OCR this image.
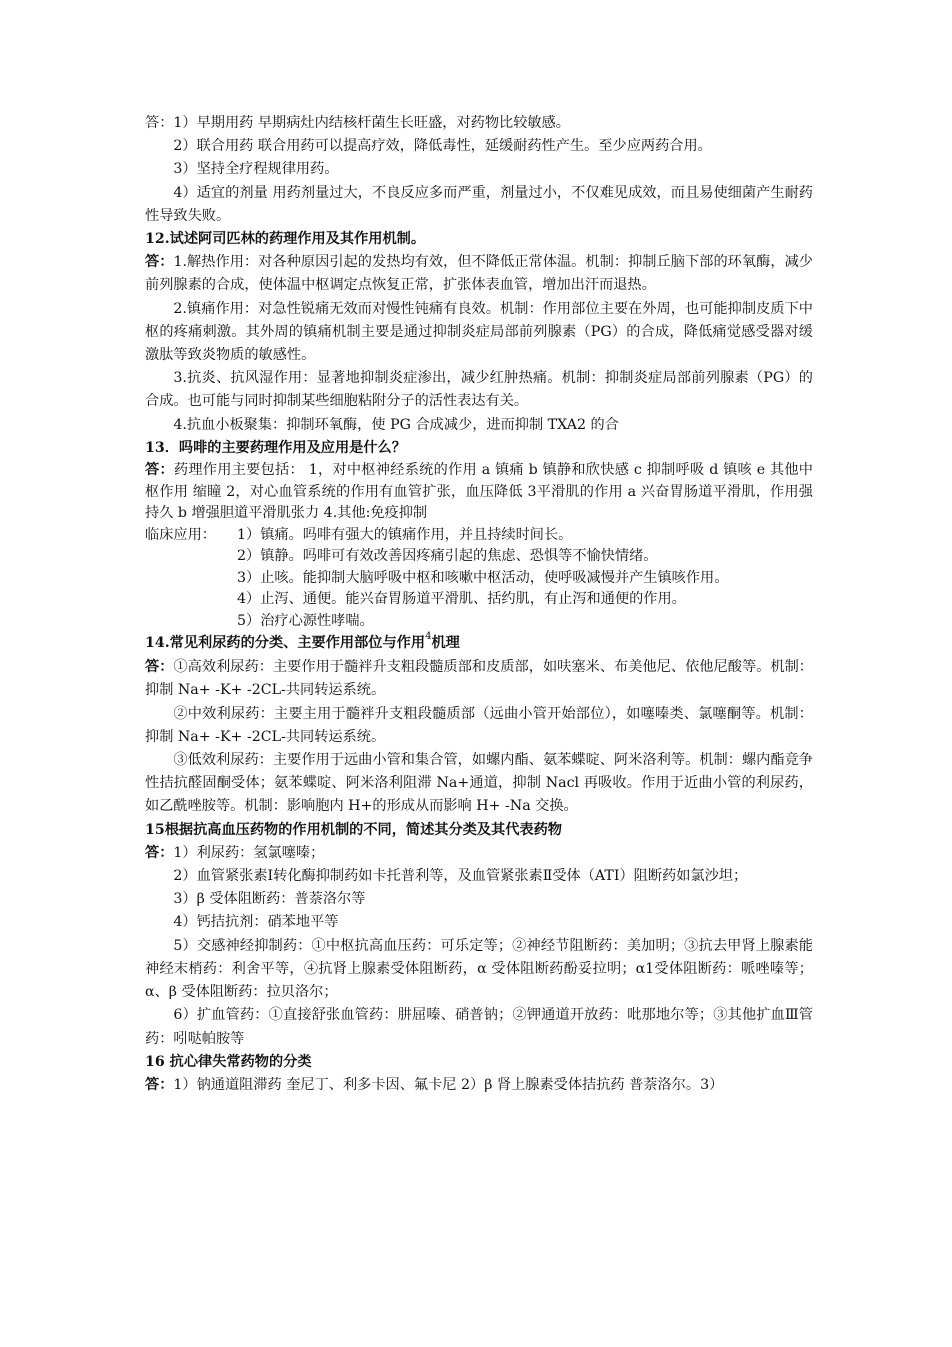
答：1）早期用药 早期病灶内结核杆菌生长旺盛，对药物比较敏感。

2）联合用药 联合用药可以提高疗效，降低毒性，延缓耐药性产生。至少应两药合用。

3）坚持全疗程规律用药。

4）适宜的剂量 用药剂量过大，不良反应多而严重，剂量过小，不仅难见成效，而且易使细菌产生耐药性导致失败。

12.试述阿司匹林的药理作用及其作用机制。

答：1.解热作用：对各种原因引起的发热均有效，但不降低正常体温。机制：抑制丘脑下部的环氧酶，减少前列腺素的合成，使体温中枢调定点恢复正常，扩张体表血管，增加出汗而退热。

2.镇痛作用：对急性锐痛无效而对慢性钝痛有良效。机制：作用部位主要在外周，也可能抑制皮质下中枢的疼痛刺激。其外周的镇痛机制主要是通过抑制炎症局部前列腺素（PG）的合成，降低痛觉感受器对缓激肽等致炎物质的敏感性。

3.抗炎、抗风湿作用：显著地抑制炎症渗出，减少红肿热痛。机制：抑制炎症局部前列腺素（PG）的合成。也可能与同时抑制某些细胞粘附分子的活性表达有关。

4.抗血小板聚集：抑制环氧酶，使 PG 合成减少，进而抑制 TXA2 的合

13．吗啡的主要药理作用及应用是什么？

答：药理作用主要包括： 1，对中枢神经系统的作用 a 镇痛 b 镇静和欣快感 c 抑制呼吸 d 镇咳 e 其他中枢作用 缩瞳 2，对心血管系统的作用有血管扩张，血压降低 3平滑肌的作用 a 兴奋胃肠道平滑肌，作用强持久 b 增强胆道平滑肌张力 4.其他:免疫抑制

临床应用：	1）镇痛。吗啡有强大的镇痛作用，并且持续时间长。

2）镇静。吗啡可有效改善因疼痛引起的焦虑、恐惧等不愉快情绪。

3）止咳。能抑制大脑呼吸中枢和咳嗽中枢活动，使呼吸减慢并产生镇咳作用。

4）止泻、通便。能兴奋胃肠道平滑肌、括约肌，有止泻和通便的作用。

5）治疗心源性哮喘。

14.常见利尿药的分类、主要作用部位与作用$^4$机理

答：①高效利尿药：主要作用于髓袢升支粗段髓质部和皮质部，如呋塞米、布美他尼、依他尼酸等。机制：抑制 Na+ -K+ -2CL-共同转运系统。

②中效利尿药：主要主用于髓袢升支粗段髓质部（远曲小管开始部位），如噻嗪类、氯噻酮等。机制：抑制 Na+ -K+ -2CL-共同转运系统。

③低效利尿药：主要作用于远曲小管和集合管，如螺内酯、氨苯蝶啶、阿米洛利等。机制：螺内酯竞争性拮抗醛固酮受体；氨苯蝶啶、阿米洛利阻滞 Na+通道，抑制 Nacl 再吸收。作用于近曲小管的利尿药，如乙酰唑胺等。机制：影响胞内 H+的形成从而影响 H+ -Na 交换。

15根据抗高血压药物的作用机制的不同，简述其分类及其代表药物

答：1）利尿药：氢氯噻嗪；

2）血管紧张素Ⅰ转化酶抑制药如卡托普利等，及血管紧张素Ⅱ受体（ATI）阻断药如氯沙坦；

3）β 受体阻断药：普萘洛尔等

4）钙拮抗剂：硝苯地平等

5）交感神经抑制药：①中枢抗高血压药：可乐定等；②神经节阻断药：美加明；③抗去甲肾上腺素能神经末梢药：利舍平等，④抗肾上腺素受体阻断药，α 受体阻断药酚妥拉明；α1受体阻断药：哌唑嗪等；α、β 受体阻断药：拉贝洛尔；

6）扩血管药：①直接舒张血管药：肼屈嗪、硝普钠；②钾通道开放药：吡那地尔等；③其他扩血Ⅲ管药：吲哒帕胺等

16 抗心律失常药物的分类

答：1）钠通道阻滞药 奎尼丁、利多卡因、氟卡尼 2）β 肾上腺素受体拮抗药 普萘洛尔。3）
